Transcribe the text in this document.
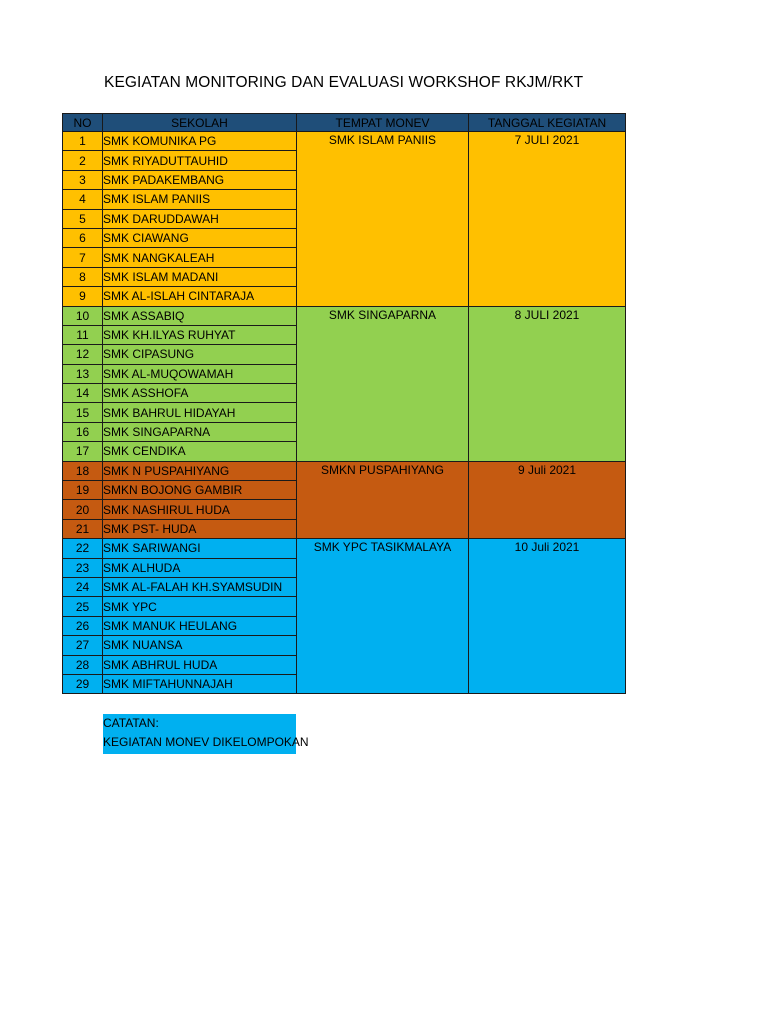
KEGIATAN MONITORING DAN EVALUASI WORKSHOF RKJM/RKT
NO	SEKOLAH	TEMPAT MONEV	TANGGAL KEGIATAN
1	SMK KOMUNIKA PG	SMK ISLAM PANIIS	7 JULI 2021
2	SMK RIYADUTTAUHID		
3	SMK PADAKEMBANG		
4	SMK ISLAM PANIIS		
5	SMK DARUDDAWAH		
6	SMK CIAWANG		
7	SMK NANGKALEAH		
8	SMK ISLAM MADANI		
9	SMK AL-ISLAH CINTARAJA		
10	SMK ASSABIQ	SMK SINGAPARNA	8 JULI 2021
11	SMK KH.ILYAS RUHYAT		
12	SMK CIPASUNG		
13	SMK AL-MUQOWAMAH		
14	SMK ASSHOFA		
15	SMK BAHRUL HIDAYAH		
16	SMK SINGAPARNA		
17	SMK CENDIKA		
18	SMK N PUSPAHIYANG	SMKN PUSPAHIYANG	9 Juli 2021
19	SMKN BOJONG GAMBIR		
20	SMK NASHIRUL HUDA		
21	SMK PST- HUDA		
22	SMK SARIWANGI	SMK YPC TASIKMALAYA	10 Juli 2021
23	SMK ALHUDA		
24	SMK AL-FALAH KH.SYAMSUDIN		
25	SMK YPC		
26	SMK MANUK HEULANG		
27	SMK NUANSA		
28	SMK ABHRUL HUDA		
29	SMK MIFTAHUNNAJAH		
CATATAN:
KEGIATAN MONEV DIKELOMPOKAN
